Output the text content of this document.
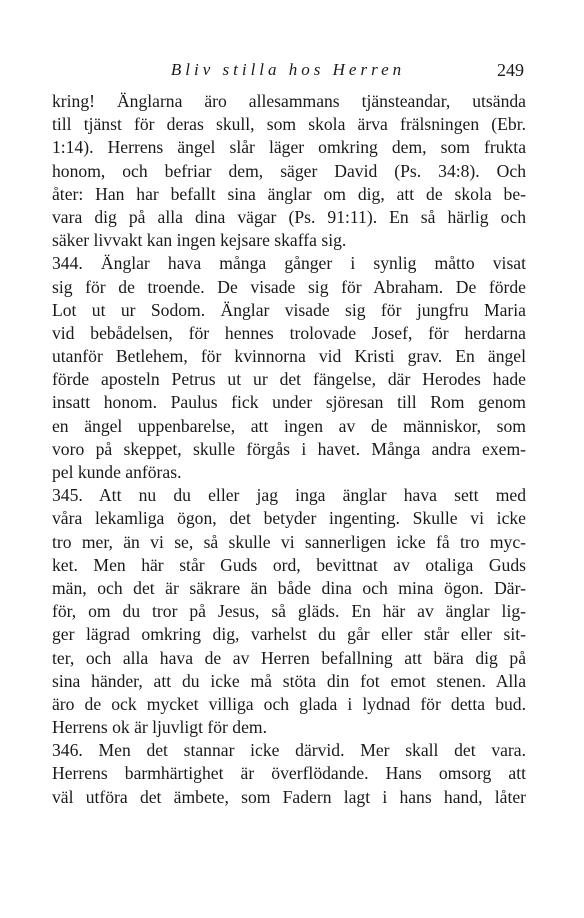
Bliv stilla hos Herren	249
kring! Änglarna äro allesammans tjänsteandar, utsända
till tjänst för deras skull, som skola ärva frälsningen (Ebr.
1:14). Herrens ängel slår läger omkring dem, som frukta
honom, och befriar dem, säger David (Ps. 34:8). Och
åter: Han har befallt sina änglar om dig, att de skola be-
vara dig på alla dina vägar (Ps. 91:11). En så härlig och
säker livvakt kan ingen kejsare skaffa sig.
344. Änglar hava många gånger i synlig måtto visat
sig för de troende. De visade sig för Abraham. De förde
Lot ut ur Sodom. Änglar visade sig för jungfru Maria
vid bebådelsen, för hennes trolovade Josef, för herdarna
utanför Betlehem, för kvinnorna vid Kristi grav. En ängel
förde aposteln Petrus ut ur det fängelse, där Herodes hade
insatt honom. Paulus fick under sjöresan till Rom genom
en ängel uppenbarelse, att ingen av de människor, som
voro på skeppet, skulle förgås i havet. Många andra exem-
pel kunde anföras.
345. Att nu du eller jag inga änglar hava sett med
våra lekamliga ögon, det betyder ingenting. Skulle vi icke
tro mer, än vi se, så skulle vi sannerligen icke få tro myc-
ket. Men här står Guds ord, bevittnat av otaliga Guds
män, och det är säkrare än både dina och mina ögon. Där-
för, om du tror på Jesus, så gläds. En här av änglar lig-
ger lägrad omkring dig, varhelst du går eller står eller sit-
ter, och alla hava de av Herren befallning att bära dig på
sina händer, att du icke må stöta din fot emot stenen. Alla
äro de ock mycket villiga och glada i lydnad för detta bud.
Herrens ok är ljuvligt för dem.
346. Men det stannar icke därvid. Mer skall det vara.
Herrens barmhärtighet är överflödande. Hans omsorg att
väl utföra det ämbete, som Fadern lagt i hans hand, låter
